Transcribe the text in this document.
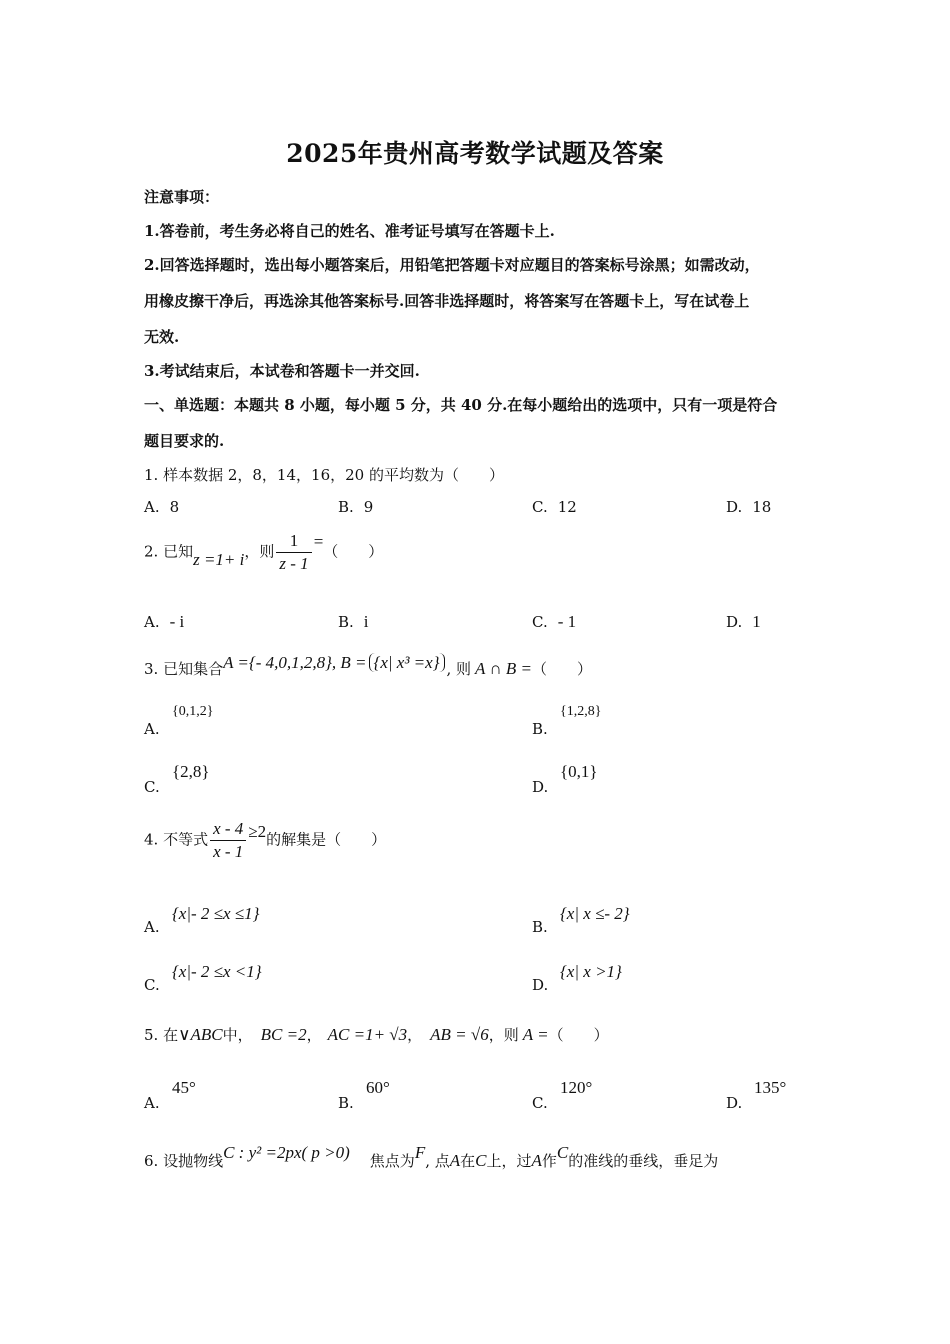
2025年贵州高考数学试题及答案
注意事项：
1.答卷前，考生务必将自己的姓名、准考证号填写在答题卡上.
2.回答选择题时，选出每小题答案后，用铅笔把答题卡对应题目的答案标号涂黑；如需改动，
用橡皮擦干净后，再选涂其他答案标号.回答非选择题时，将答案写在答题卡上，写在试卷上
无效.
3.考试结束后，本试卷和答题卡一并交回.
一、单选题：本题共 8 小题，每小题 5 分，共 40 分.在每小题给出的选项中，只有一项是符合
题目要求的.
1. 样本数据 2，8，14，16，20 的平均数为（　　）
A. 8	B. 9	C. 12	D. 18
2. 已知z =1+ i，则 $\frac{1}{z - 1}$ =（　　）
A. - i	B. i	C. - 1	D. 1
3. 已知集合A ={- 4,0,1,2,8}, B = {x| x³ =x} , 则 A ∩ B =（　　）
{0,1,2}
A.
{1,2,8}
B.
{2,8}
C.
{0,1}
D.
4. 不等式 $\frac{x - 4}{x - 1} \ge 2$的解集是（　　）
{x|- 2 ≤x ≤1}
A.
{x| x ≤- 2}
B.
{x|- 2 ≤x <1}
C.
{x| x >1}
D.
5. 在∨ABC中， BC =2， AC =1+ √3， AB = √6，则 A =（　　）
45°
A.
60°
B.
120°
C.
135°
D.
6. 设抛物线C : y² =2px( p >0) 焦点为F, 点A在C上，过A作C的准线的垂线，垂足为
